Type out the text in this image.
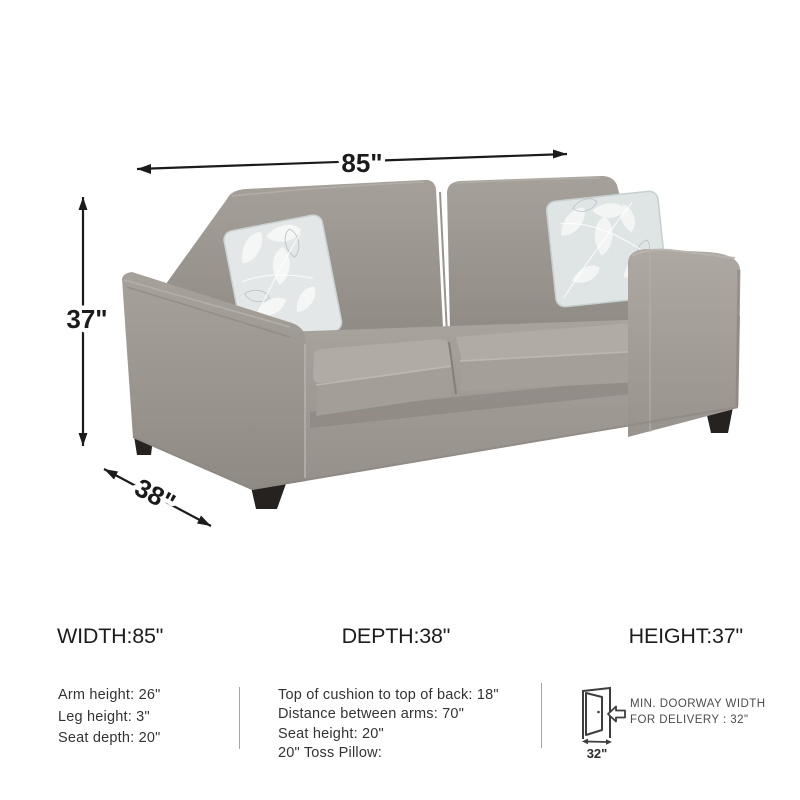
85"
37"
38"
WIDTH:85"	DEPTH:38"	HEIGHT:37"
Arm height: 26"
Leg height: 3"
Seat depth: 20"
Top of cushion to top of back: 18"
Distance between arms: 70"
Seat height: 20"
20" Toss Pillow:	32"
MIN. DOORWAY WIDTH
FOR DELIVERY : 32"
